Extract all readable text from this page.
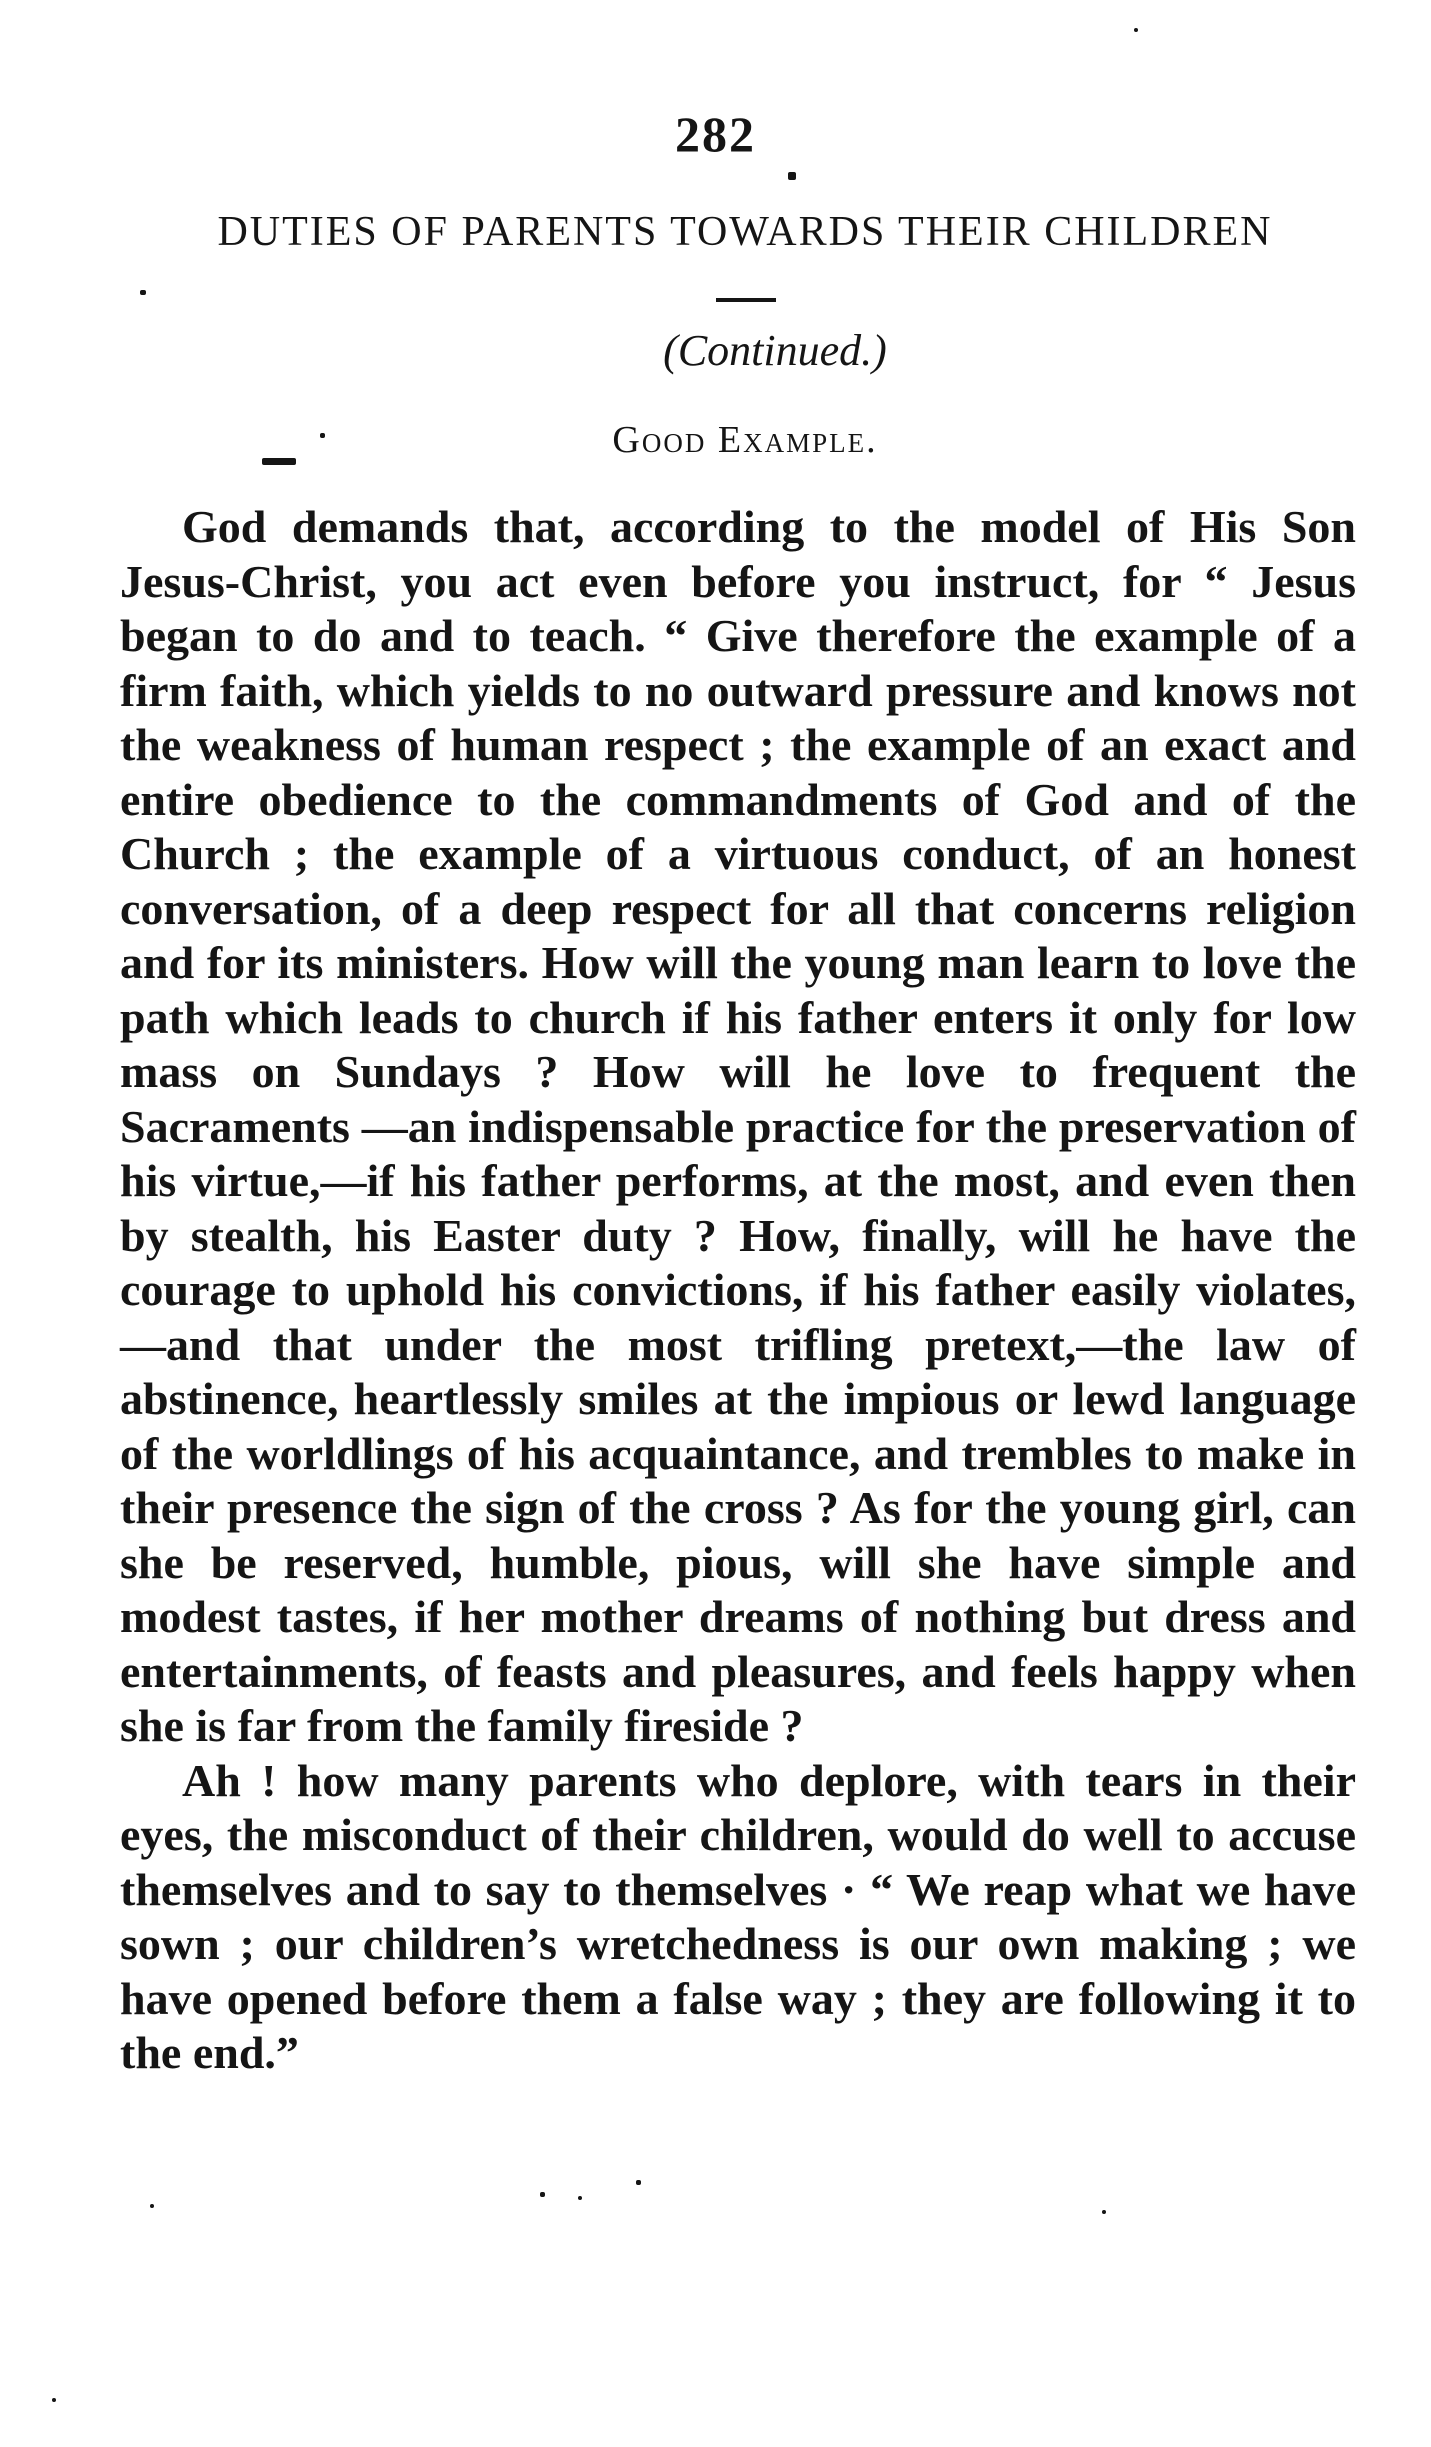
282
DUTIES OF PARENTS TOWARDS THEIR CHILDREN
(Continued.)
Good Example.

God demands that, according to the model of His Son Jesus-Christ, you act even before you instruct, for “ Jesus began to do and to teach. “ Give therefore the example of a firm faith, which yields to no outward pressure and knows not the weakness of human respect ; the example of an exact and entire obedience to the commandments of God and of the Church ; the example of a virtuous conduct, of an honest conversation, of a deep respect for all that concerns religion and for its ministers. How will the young man learn to love the path which leads to church if his father enters it only for low mass on Sundays ? How will he love to frequent the Sacraments —an indispensable practice for the preservation of his virtue,—if his father performs, at the most, and even then by stealth, his Easter duty ? How, finally, will he have the courage to uphold his convictions, if his father easily violates,—and that under the most trifling pretext,—the law of abstinence, heartlessly smiles at the impious or lewd language of the worldlings of his acquaintance, and trembles to make in their presence the sign of the cross ? As for the young girl, can she be reserved, humble, pious, will she have simple and modest tastes, if her mother dreams of nothing but dress and entertainments, of feasts and pleasures, and feels happy when she is far from the family fireside ?

Ah ! how many parents who deplore, with tears in their eyes, the misconduct of their children, would do well to accuse themselves and to say to themselves · “ We reap what we have sown ; our children’s wretchedness is our own making ; we have opened before them a false way ; they are following it to the end.”
